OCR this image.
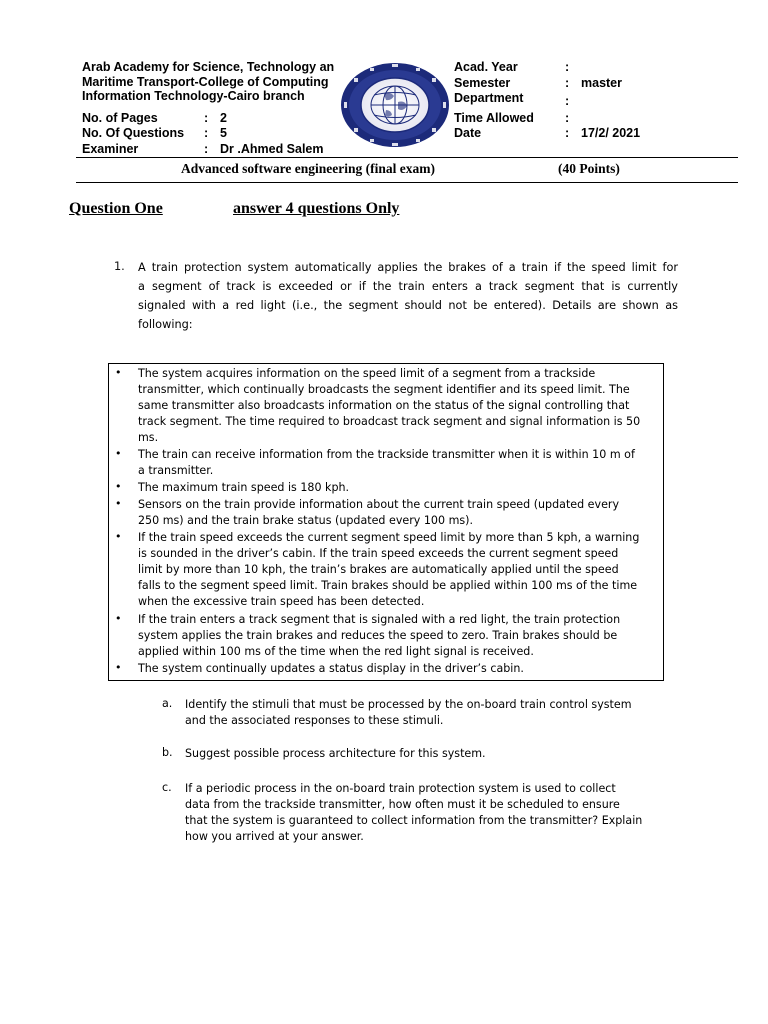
Arab Academy for Science, Technology an
Maritime Transport-College of Computing
Information Technology-Cairo branch
No. of Pages	: 2
No. Of Questions : 5
Examiner	: Dr .Ahmed Salem
Acad. Year	:
Semester	: master
Department	:
Time Allowed :
Date	: 17/2/ 2021
Advanced software engineering (final exam)	(40 Points)
Question One	answer 4 questions Only
1. A train protection system automatically applies the brakes of a train if the speed limit for
a segment of track is exceeded or if the train enters a track segment that is currently
signaled with a red light (i.e., the segment should not be entered). Details are shown as
following:
• The system acquires information on the speed limit of a segment from a trackside
transmitter, which continually broadcasts the segment identifier and its speed limit. The
same transmitter also broadcasts information on the status of the signal controlling that
track segment. The time required to broadcast track segment and signal information is 50
ms.
• The train can receive information from the trackside transmitter when it is within 10 m of
a transmitter.
• The maximum train speed is 180 kph.
• Sensors on the train provide information about the current train speed (updated every
250 ms) and the train brake status (updated every 100 ms).
• If the train speed exceeds the current segment speed limit by more than 5 kph, a warning
is sounded in the driver’s cabin. If the train speed exceeds the current segment speed
limit by more than 10 kph, the train’s brakes are automatically applied until the speed
falls to the segment speed limit. Train brakes should be applied within 100 ms of the time
when the excessive train speed has been detected.
• If the train enters a track segment that is signaled with a red light, the train protection
system applies the train brakes and reduces the speed to zero. Train brakes should be
applied within 100 ms of the time when the red light signal is received.
• The system continually updates a status display in the driver’s cabin.
a. Identify the stimuli that must be processed by the on-board train control system
and the associated responses to these stimuli.
b. Suggest possible process architecture for this system.
c. If a periodic process in the on-board train protection system is used to collect
data from the trackside transmitter, how often must it be scheduled to ensure
that the system is guaranteed to collect information from the transmitter? Explain
how you arrived at your answer.
